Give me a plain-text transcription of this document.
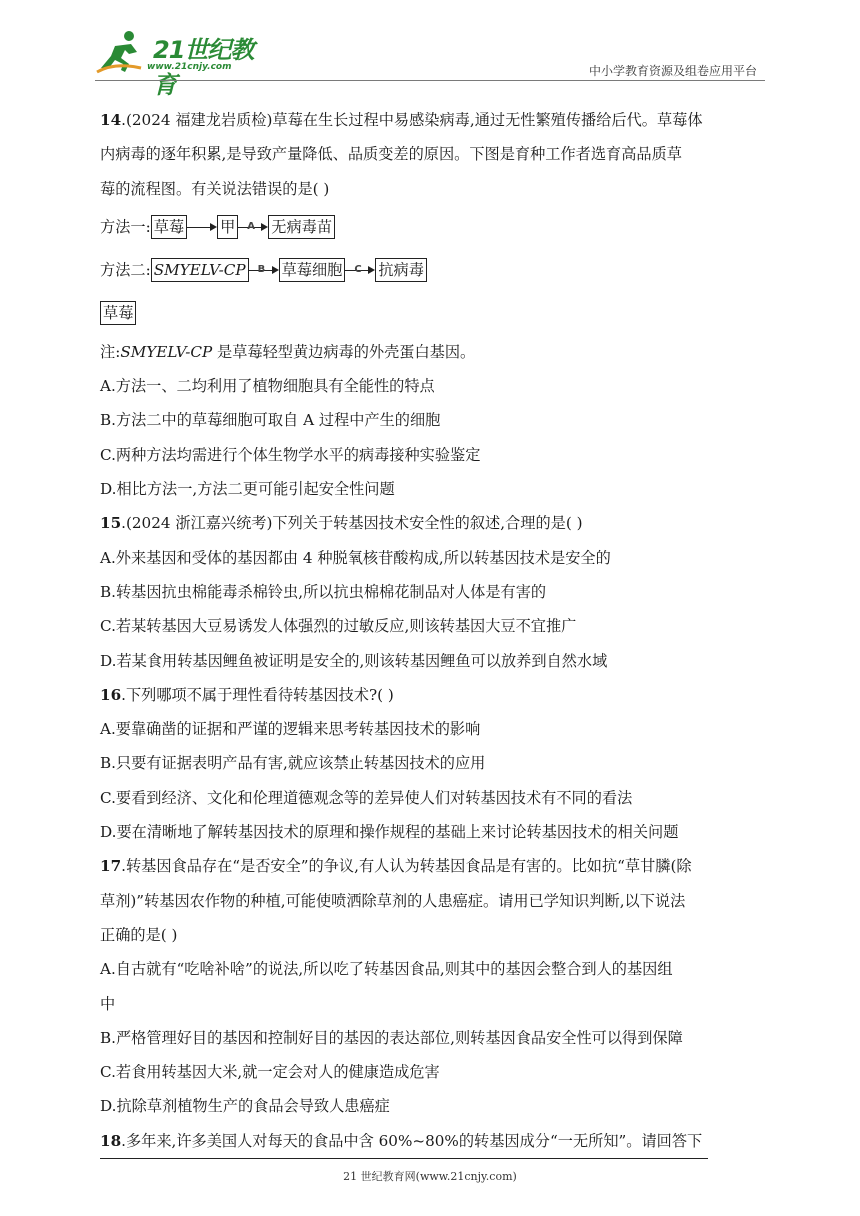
21世纪教育
www.21cnjy.com	中小学教育资源及组卷应用平台

14.(2024 福建龙岩质检)草莓在生长过程中易感染病毒,通过无性繁殖传播给后代。草莓体

内病毒的逐年积累,是导致产量降低、品质变差的原因。下图是育种工作者选育高品质草

莓的流程图。有关说法错误的是( )

方法一: 草莓 甲	A 无病毒苗
方法二: SMYELV-CP	B 草莓细胞	C 抗病毒
草莓

注:SMYELV-CP 是草莓轻型黄边病毒的外壳蛋白基因。

A.方法一、二均利用了植物细胞具有全能性的特点

B.方法二中的草莓细胞可取自 A 过程中产生的细胞

C.两种方法均需进行个体生物学水平的病毒接种实验鉴定

D.相比方法一,方法二更可能引起安全性问题

15.(2024 浙江嘉兴统考)下列关于转基因技术安全性的叙述,合理的是( )

A.外来基因和受体的基因都由 4 种脱氧核苷酸构成,所以转基因技术是安全的

B.转基因抗虫棉能毒杀棉铃虫,所以抗虫棉棉花制品对人体是有害的

C.若某转基因大豆易诱发人体强烈的过敏反应,则该转基因大豆不宜推广

D.若某食用转基因鲤鱼被证明是安全的,则该转基因鲤鱼可以放养到自然水域

16.下列哪项不属于理性看待转基因技术?( )

A.要靠确凿的证据和严谨的逻辑来思考转基因技术的影响

B.只要有证据表明产品有害,就应该禁止转基因技术的应用

C.要看到经济、文化和伦理道德观念等的差异使人们对转基因技术有不同的看法

D.要在清晰地了解转基因技术的原理和操作规程的基础上来讨论转基因技术的相关问题

17.转基因食品存在“是否安全”的争议,有人认为转基因食品是有害的。比如抗“草甘膦(除

草剂)”转基因农作物的种植,可能使喷洒除草剂的人患癌症。请用已学知识判断,以下说法

正确的是( )

A.自古就有“吃啥补啥”的说法,所以吃了转基因食品,则其中的基因会整合到人的基因组

中

B.严格管理好目的基因和控制好目的基因的表达部位,则转基因食品安全性可以得到保障

C.若食用转基因大米,就一定会对人的健康造成危害

D.抗除草剂植物生产的食品会导致人患癌症

18.多年来,许多美国人对每天的食品中含 60%~80%的转基因成分“一无所知”。请回答下

21 世纪教育网(www.21cnjy.com)
